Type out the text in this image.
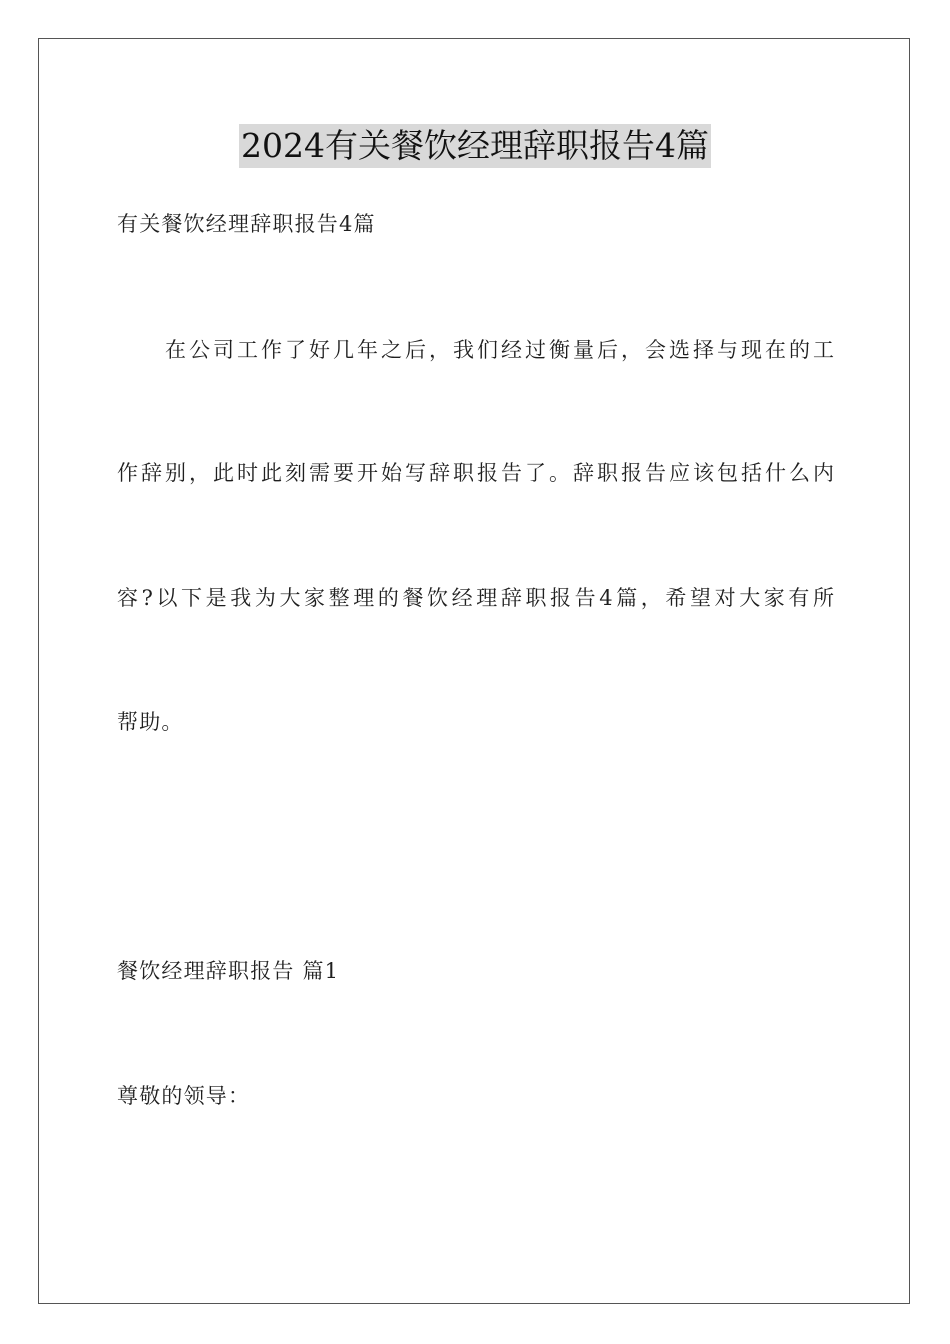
2024有关餐饮经理辞职报告4篇
有关餐饮经理辞职报告4篇
在公司工作了好几年之后，我们经过衡量后，会选择与现在的工
作辞别，此时此刻需要开始写辞职报告了。辞职报告应该包括什么内
容?以下是我为大家整理的餐饮经理辞职报告4篇，希望对大家有所
帮助。
餐饮经理辞职报告 篇1
尊敬的领导：
